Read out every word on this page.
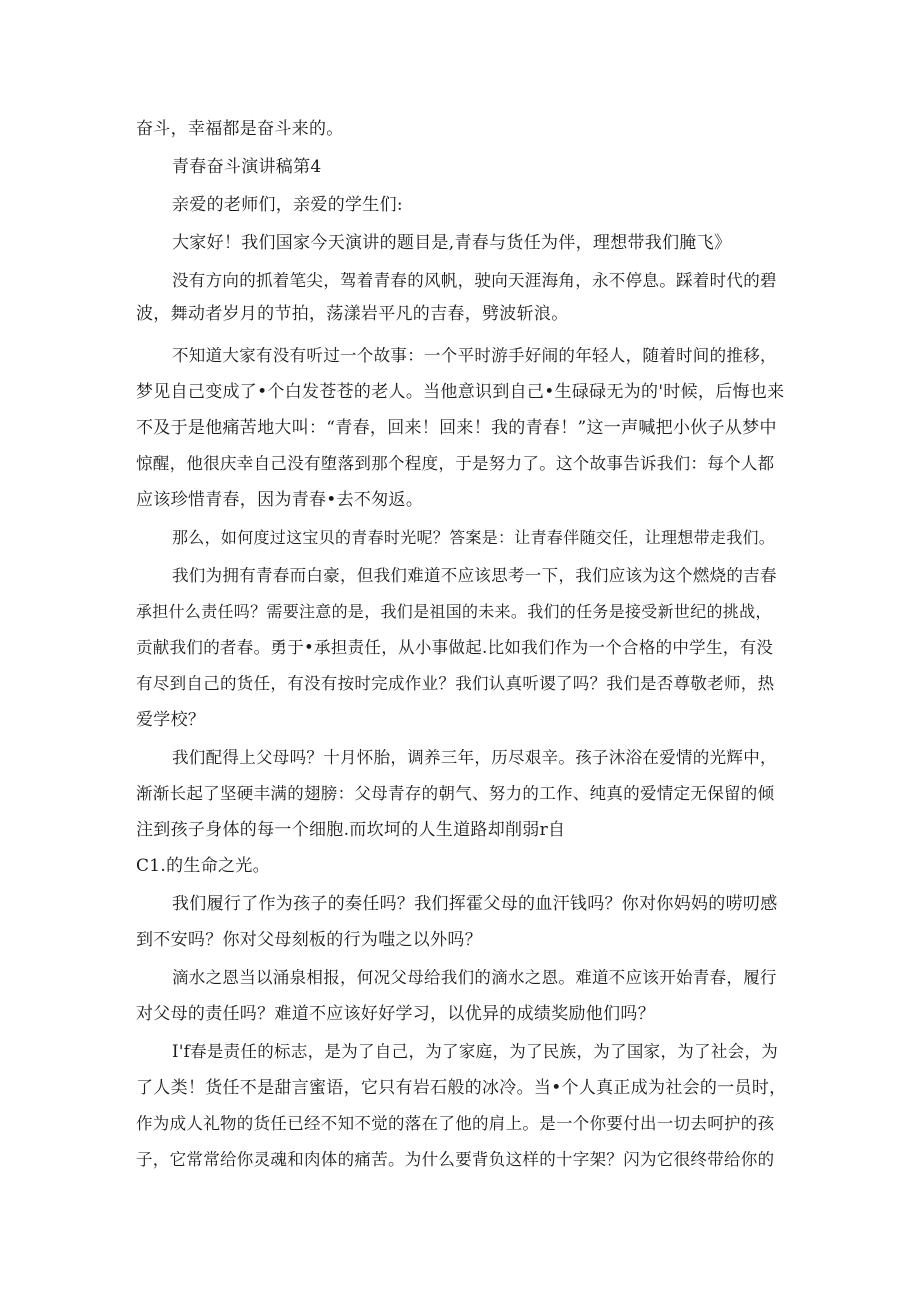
奋斗，幸福都是奋斗来的。
青春奋斗演讲稿第4
亲爱的老师们，亲爱的学生们:
大家好！我们国家今天演讲的题目是,青春与货任为伴，理想带我们腌飞》
没有方向的抓着笔尖，驾着青春的风帆，驶向天涯海角，永不停息。踩着时代的碧
波，舞动者岁月的节拍，荡漾岩平凡的吉春，劈波斩浪。
不知道大家有没有听过一个故事：一个平时游手好闹的年轻人，随着时间的推移，
梦见自己变成了•个白发苍苍的老人。当他意识到自己•生碌碌无为的'时候，后悔也来
不及于是他痛苦地大叫：“青春，回来！回来！我的青春！”这一声喊把小伙子从梦中
惊醒，他很庆幸自己没有堕落到那个程度，于是努力了。这个故事告诉我们：每个人都
应该珍惜青春，因为青春•去不匆返。
那么，如何度过这宝贝的青春时光呢？答案是：让青春伴随交任，让理想带走我们。
我们为拥有青春而白豪，但我们难道不应该思考一下，我们应该为这个燃烧的吉春
承担什么责任吗？需要注意的是，我们是祖国的未来。我们的任务是接受新世纪的挑战，
贡献我们的者春。勇于•承担责任，从小事做起.比如我们作为一个合格的中学生，有没
有尽到自己的货任，有没有按时完成作业？我们认真听谡了吗？我们是否尊敬老师，热
爱学校？
我们配得上父母吗？十月怀胎，调养三年，历尽艰辛。孩子沐浴在爱情的光辉中，
渐渐长起了坚硬丰满的翅膀：父母青存的朝气、努力的工作、纯真的爱情定无保留的倾
注到孩子身体的每一个细胞.而坎坷的人生道路却削弱r自
C1.的生命之光。
我们履行了作为孩子的奏任吗？我们挥霍父母的血汗钱吗？你对你妈妈的唠叨感
到不安吗？你对父母刻板的行为嗤之以外吗？
滴水之恩当以涌泉相报，何况父母给我们的滴水之恩。难道不应该开始青春，履行
对父母的责任吗？难道不应该好好学习，以优异的成绩奖励他们吗？
I'f春是责任的标志，是为了自己，为了家庭，为了民族，为了国家，为了社会，为
了人类！货任不是甜言蜜语，它只有岩石般的冰冷。当•个人真正成为社会的一员时，
作为成人礼物的货任已经不知不觉的落在了他的肩上。是一个你要付出一切去呵护的孩
子，它常常给你灵魂和肉体的痛苦。为什么要背负这样的十字架？闪为它很终带给你的
